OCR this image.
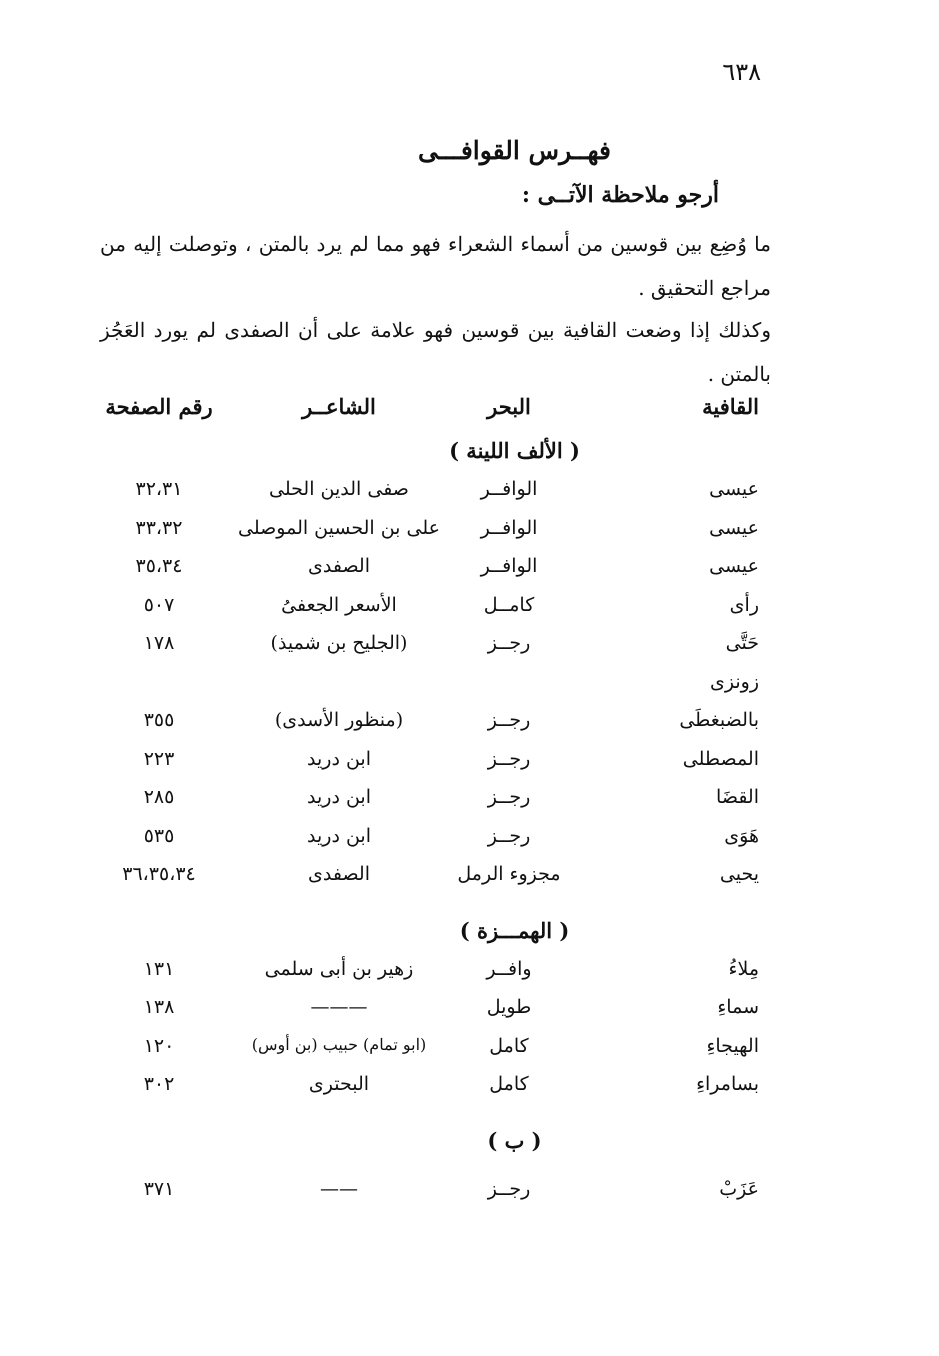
٦٣٨
فهــرس القوافـــى
أرجو ملاحظة الآتــى :
ما وُضِع بين قوسين من أسماء الشعراء فهو مما لم يرد بالمتن ، وتوصلت إليه من مراجع التحقيق .
وكذلك إذا وضعت القافية بين قوسين فهو علامة على أن الصفدى لم يورد العَجُز بالمتن .
القافية
البحر
الشاعــر
رقم الصفحة
( الألف اللينة )
عيسى
الوافــر
صفى الدين الحلى
٣٢،٣١
عيسى
الوافــر
على بن الحسين الموصلى
٣٣،٣٢
عيسى
الوافــر
الصفدى
٣٥،٣٤
رأى
كامــل
الأسعر الجعفىُ
٥٠٧
حَتَّى
رجــز
(الجليح بن شميذ)
١٧٨
زونزى
بالضبغطَى
رجــز
(منظور الأسدى)
٣٥٥
المصطلى
رجــز
ابن دريد
٢٢٣
القضَا
رجــز
ابن دريد
٢٨٥
هَوَى
رجــز
ابن دريد
٥٣٥
يحيى
مجزوء الرمل
الصفدى
٣٦،٣٥،٣٤
( الهمـــزة )
مِلاءُ
وافــر
زهير بن أبى سلمى
١٣١
سماءِ
طويل
———
١٣٨
الهيجاءِ
كامل
(ابو تمام) حبيب (بن أوس)
١٢٠
بسامراءِ
كامل
البحترى
٣٠٢
( ب )
عَزَبْ
رجــز
——
٣٧١
